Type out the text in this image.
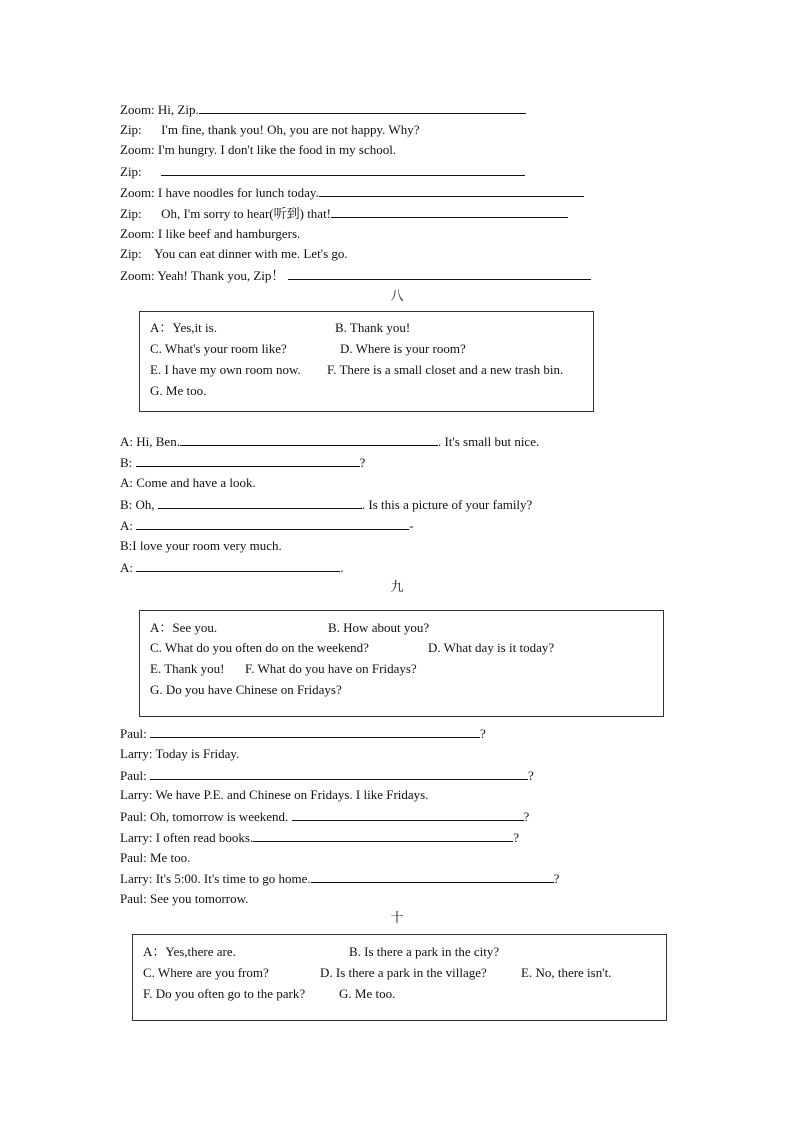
Zoom: Hi, Zip.
Zip:      I'm fine, thank you! Oh, you are not happy. Why?
Zoom: I'm hungry. I don't like the food in my school.
Zip:
Zoom: I have noodles for lunch today.
Zip:      Oh, I'm sorry to hear(听到) that!
Zoom: I like beef and hamburgers.
Zip:    You can eat dinner with me. Let's go.
Zoom: Yeah! Thank you, Zip！
八
A：Yes,it is.	B. Thank you!
C. What's your room like?	D. Where is your room?
E. I have my own room now. F. There is a small closet and a new trash bin.
G. Me too.
A: Hi, Ben.	. It's small but nice.
B:	?
A: Come and have a look.
B: Oh,	. Is this a picture of your family?
A:	-
B:I love your room very much.
A:	.
九
A：See you.	B. How about you?
C. What do you often do on the weekend?	D. What day is it today?
E. Thank you! F. What do you have on Fridays?
G. Do you have Chinese on Fridays?
Paul:	?
Larry: Today is Friday.
Paul:	?
Larry: We have P.E. and Chinese on Fridays. I like Fridays.
Paul: Oh, tomorrow is weekend.	?
Larry: I often read books.	?
Paul: Me too.
Larry: It's 5:00. It's time to go home.	?
Paul: See you tomorrow.
十
A：Yes,there are.	B. Is there a park in the city?
C. Where are you from?	D. Is there a park in the village?	E. No, there isn't.
F. Do you often go to the park?	G. Me too.
